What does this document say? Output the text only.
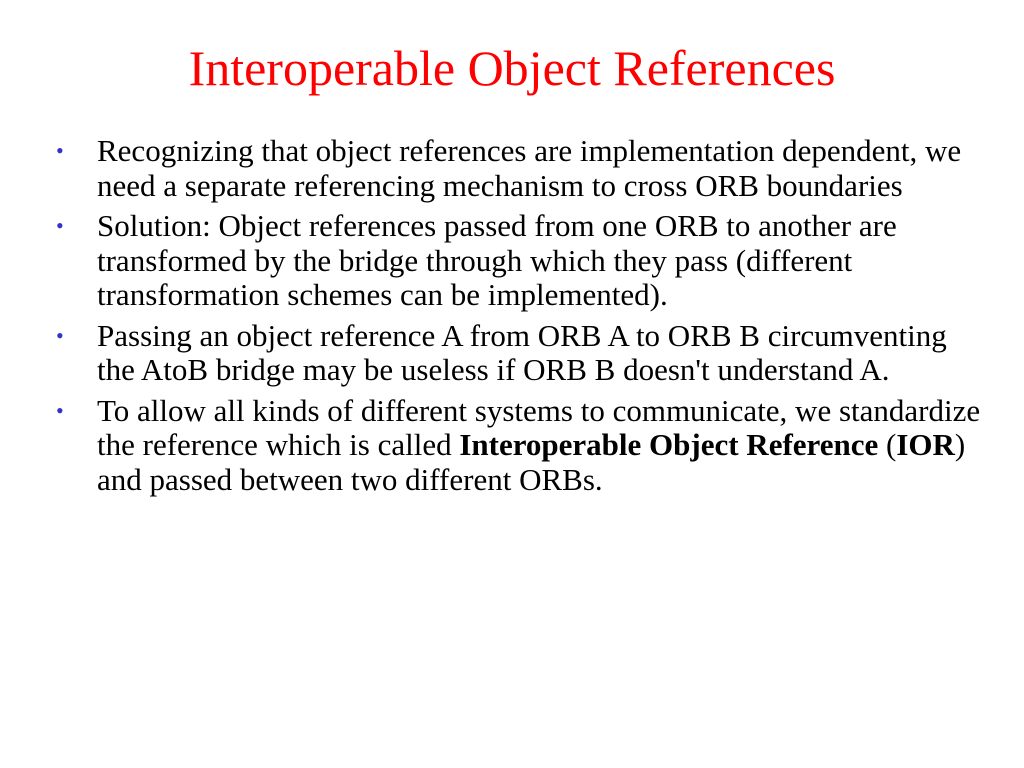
Interoperable Object References
•	Recognizing that object references are implementation dependent, we need a separate referencing mechanism to cross ORB boundaries
•	Solution: Object references passed from one ORB to another are transformed by the bridge through which they pass (different transformation schemes can be implemented).
•	Passing an object reference A from ORB A to ORB B circumventing the AtoB bridge may be useless if ORB B doesn't understand A.
•	To allow all kinds of different systems to communicate, we standardize the reference which is called Interoperable Object Reference (IOR) and passed between two different ORBs.
